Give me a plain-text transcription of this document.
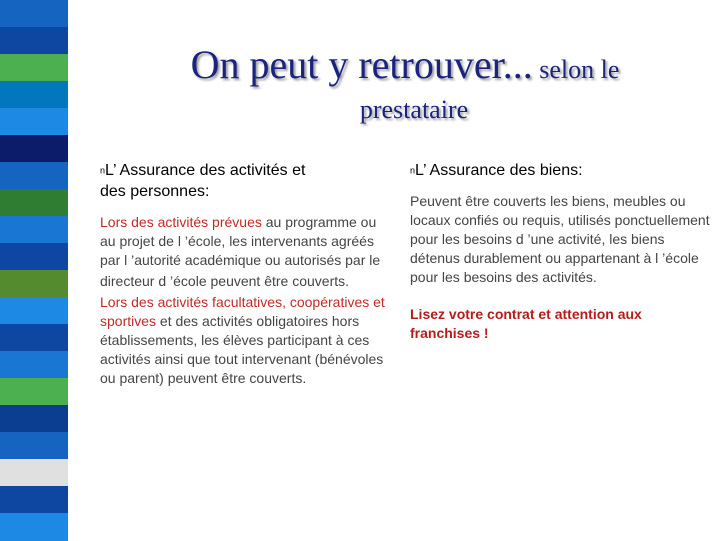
On peut y retrouver... selon le
prestataire

nL’ Assurance des activités et
des personnes:

Lors des activités prévues au programme ou au projet de l ’école, les intervenants agréés par l ’autorité académique ou autorisés par le

directeur d ’école peuvent être couverts.

Lors des activités facultatives, coopératives et sportives et des activités obligatoires hors établissements, les élèves participant à ces activités ainsi que tout intervenant (bénévoles ou parent) peuvent être couverts.

nL’ Assurance des biens:

Peuvent être couverts les biens, meubles ou locaux confiés ou requis, utilisés ponctuellement pour les besoins d ’une activité, les biens détenus durablement ou appartenant à l ’école pour les besoins des activités.

Lisez votre contrat et attention aux franchises !
